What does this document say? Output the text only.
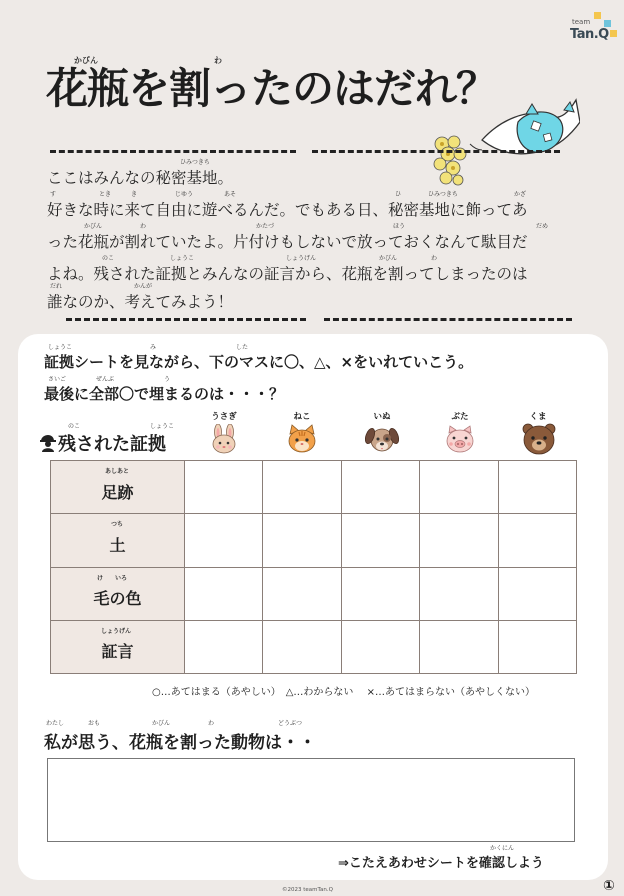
team
Tan.Q
かびん	わ
花瓶を割ったのはだれ？
ひみつきち
ここはみんなの秘密基地。
す	とき	き	じゆう	あそ	ひ	ひみつきち	かざ
好きな時に来て自由に遊べるんだ。でもある日、秘密基地に飾ってあ
かびん	わ	かたづ	ほう	だめ
った花瓶が割れていたよ。片付けもしないで放っておくなんて駄目だ
のこ	しょうこ	しょうげん	かびん	わ
よね。残された証拠とみんなの証言から、花瓶を割ってしまったのは
だれ	かんが
誰なのか、考えてみよう！
しょうこ	み	した
証拠シートを見ながら、下のマスに〇、△、×をいれていこう。
さいご	ぜんぶ	う
最後に全部〇で埋まるのは・・・？
のこ	しょうこ
残された証拠
うさぎ	ねこ	いぬ	ぶた	くま
あしあと
足跡					

つち
土					

け　　いろ
毛の色					

しょうげん
証言					
○…あてはまる（あやしい）　△…わからない　 ×…あてはまらない（あやしくない）
わたし	おも	かびん	わ	どうぶつ
私が思う、花瓶を割った動物は・・
かくにん
⇒こたえあわせシートを確認しよう
©2023 teamTan.Q	①
